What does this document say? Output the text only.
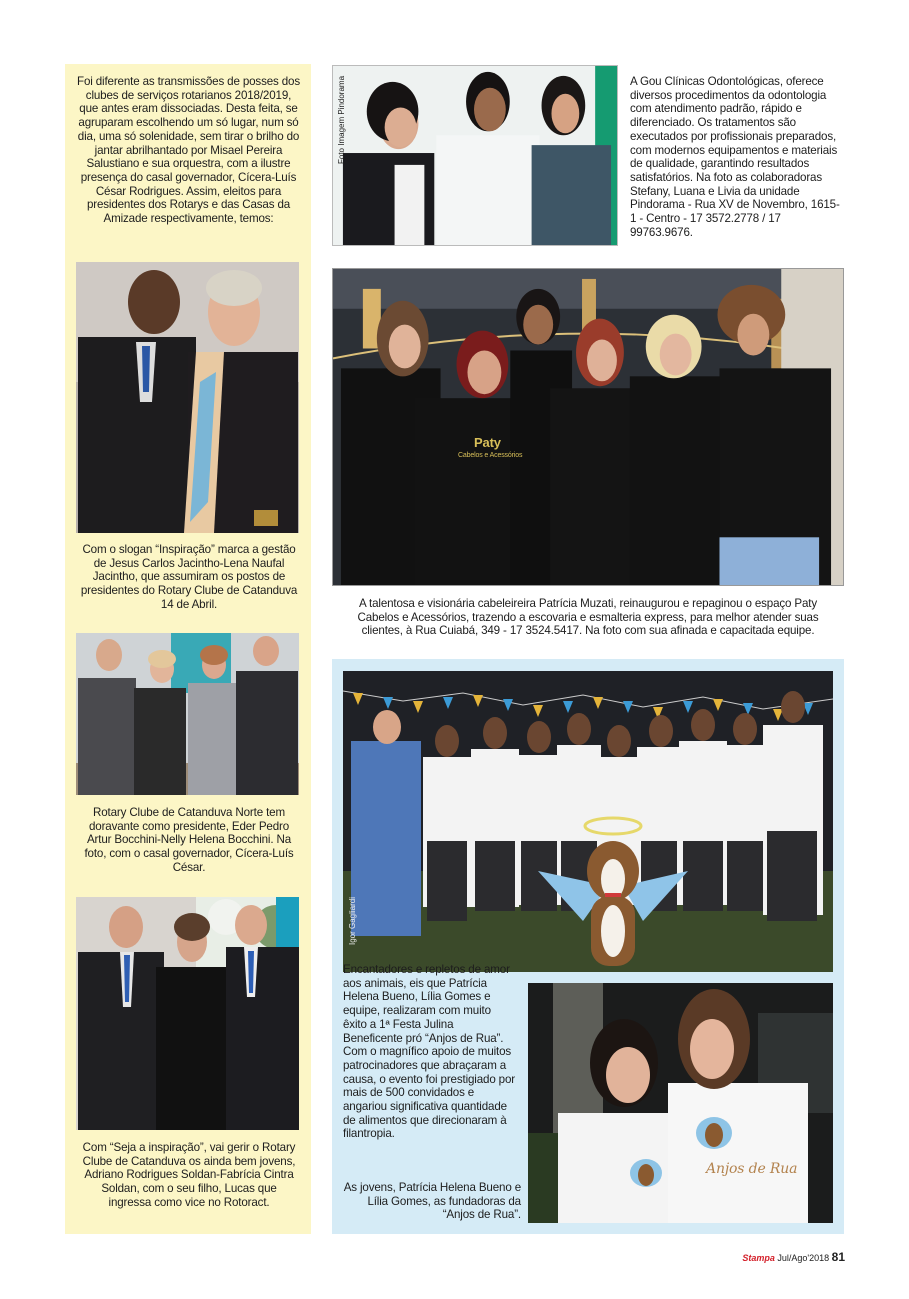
Foi diferente as transmissões de posses dos clubes de serviços rotarianos 2018/2019, que antes eram dissociadas. Desta feita, se agruparam escolhendo um só lugar, num só dia, uma só solenidade, sem tirar o brilho do jantar abrilhantado por Misael Pereira Salustiano e sua orquestra, com a ilustre presença do casal governador, Cícera-Luís César Rodrigues. Assim, eleitos para presidentes dos Rotarys e das Casas da Amizade respectivamente, temos:
Com o slogan “Inspiração” marca a gestão de Jesus Carlos Jacintho-Lena Naufal Jacintho, que assumiram os postos de presidentes do Rotary Clube de Catanduva 14 de Abril.
Rotary Clube de Catanduva Norte tem doravante como presidente, Eder Pedro Artur Bocchini-Nelly Helena Bocchini. Na foto, com o casal governador, Cícera-Luís César.
Com “Seja a inspiração”, vai gerir o Rotary Clube de Catanduva os ainda bem jovens, Adriano Rodrigues Soldan-Fabrícia Cintra Soldan, com o seu filho, Lucas que ingressa como vice no Rotoract.
Foto Imagem Pindorama	A Gou Clínicas Odontológicas, oferece diversos procedimentos da odontologia com atendimento padrão, rápido e diferenciado. Os tratamentos são executados por profissionais preparados, com modernos equipamentos e materiais de qualidade, garantindo resultados satisfatórios. Na foto as colaboradoras Stefany, Luana e Livia da unidade Pindorama - Rua XV de Novembro, 1615-1 - Centro - 17 3572.2778 / 17 99763.9676.
Paty
Cabelos e Acessórios
A talentosa e visionária cabeleireira Patrícia Muzati, reinaugurou e repaginou o espaço Paty Cabelos e Acessórios, trazendo a escovaria e esmalteria express, para melhor atender suas clientes, à Rua Cuiabá, 349 - 17 3524.5417. Na foto com sua afinada e capacitada equipe.
Igor Gagliardi
Encantadores e repletos de amor aos animais, eis que Patrícia Helena Bueno, Lília Gomes e equipe, realizaram com muito êxito a 1ª Festa Julina Beneficente pró “Anjos de Rua”. Com o magnífico apoio de muitos patrocinadores que abraçaram a causa, o evento foi prestigiado por mais de 500 convidados e angariou significativa quantidade de alimentos que direcionaram à filantropia.
Anjos de Rua
As jovens, Patrícia Helena Bueno e Lília Gomes, as fundadoras da “Anjos de Rua”.
Stampa Jul/Ago'2018 81
